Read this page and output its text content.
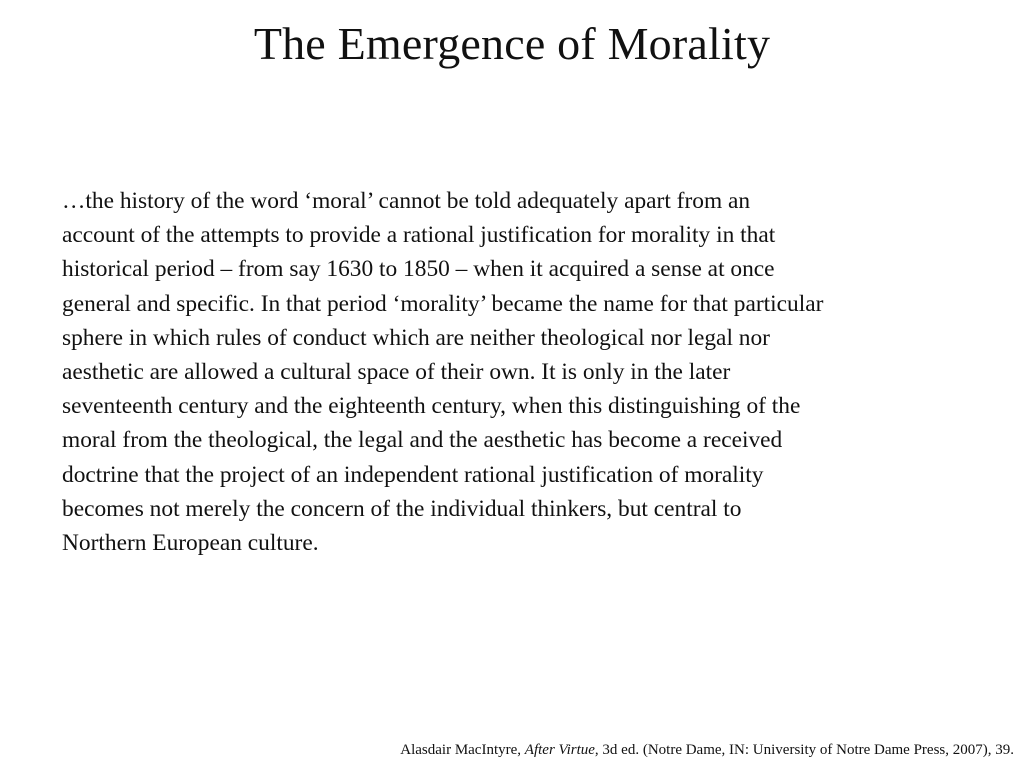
The Emergence of Morality
…the history of the word ‘moral’ cannot be told adequately apart from an
account of the attempts to provide a rational justification for morality in that
historical period – from say 1630 to 1850 – when it acquired a sense at once
general and specific. In that period ‘morality’ became the name for that particular
sphere in which rules of conduct which are neither theological nor legal nor
aesthetic are allowed a cultural space of their own. It is only in the later
seventeenth century and the eighteenth century, when this distinguishing of the
moral from the theological, the legal and the aesthetic has become a received
doctrine that the project of an independent rational justification of morality
becomes not merely the concern of the individual thinkers, but central to
Northern European culture.
Alasdair MacIntyre, After Virtue, 3d ed. (Notre Dame, IN: University of Notre Dame Press, 2007), 39.
